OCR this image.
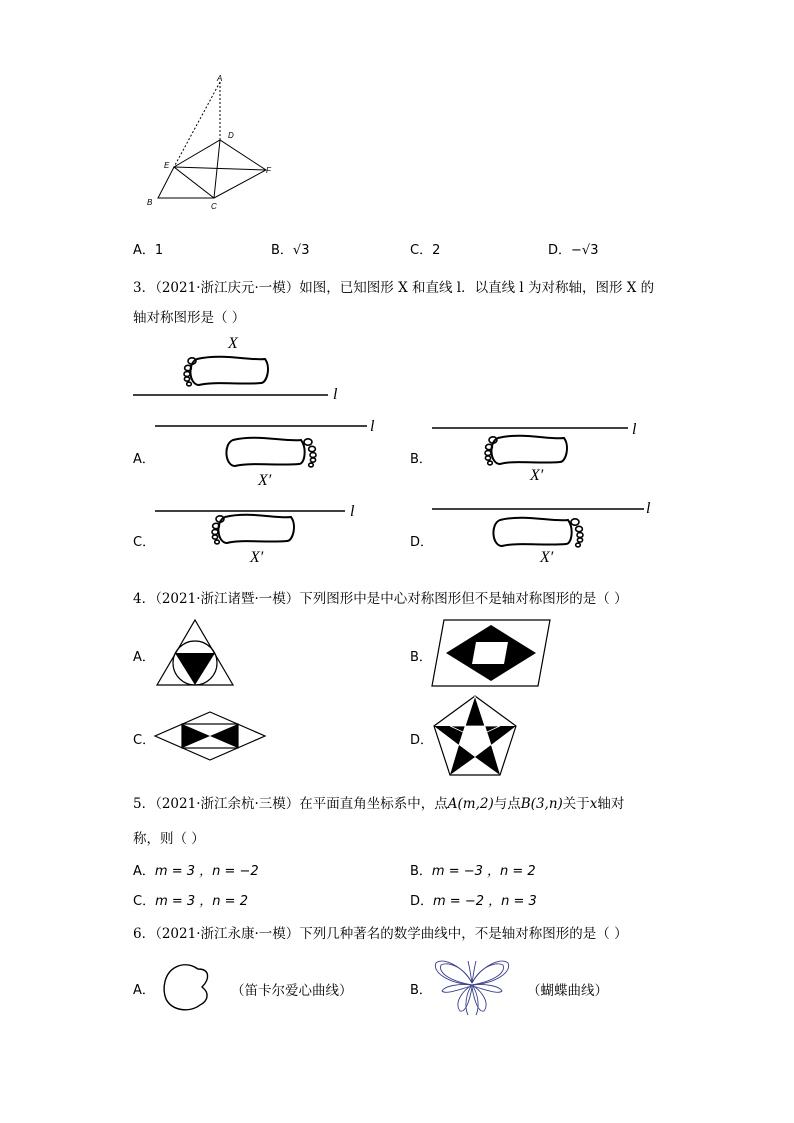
A
D
E
F
B	C
A．1	B．√3	C．2	D．−√3
3．（2021·浙江庆元·一模）如图，已知图形 X 和直线 l．以直线 l 为对称轴，图形 X 的
轴对称图形是（ ）
X
l
A．
l
X′
B．
l
X′
C．
l
X′
D．
l
X′
4．（2021·浙江诸暨·一模）下列图形中是中心对称图形但不是轴对称图形的是（ ）
A．	B．
C．	D．
5．（2021·浙江余杭·三模）在平面直角坐标系中，点A(m,2)与点B(3,n)关于x轴对
称，则（ ）
A．m = 3 ，n = −2	B．m = −3 ，n = 2
C．m = 3 ，n = 2	D．m = −2 ，n = 3
6．（2021·浙江永康·一模）下列几种著名的数学曲线中，不是轴对称图形的是（ ）
A．	（笛卡尔爱心曲线）	B．	（蝴蝶曲线）
